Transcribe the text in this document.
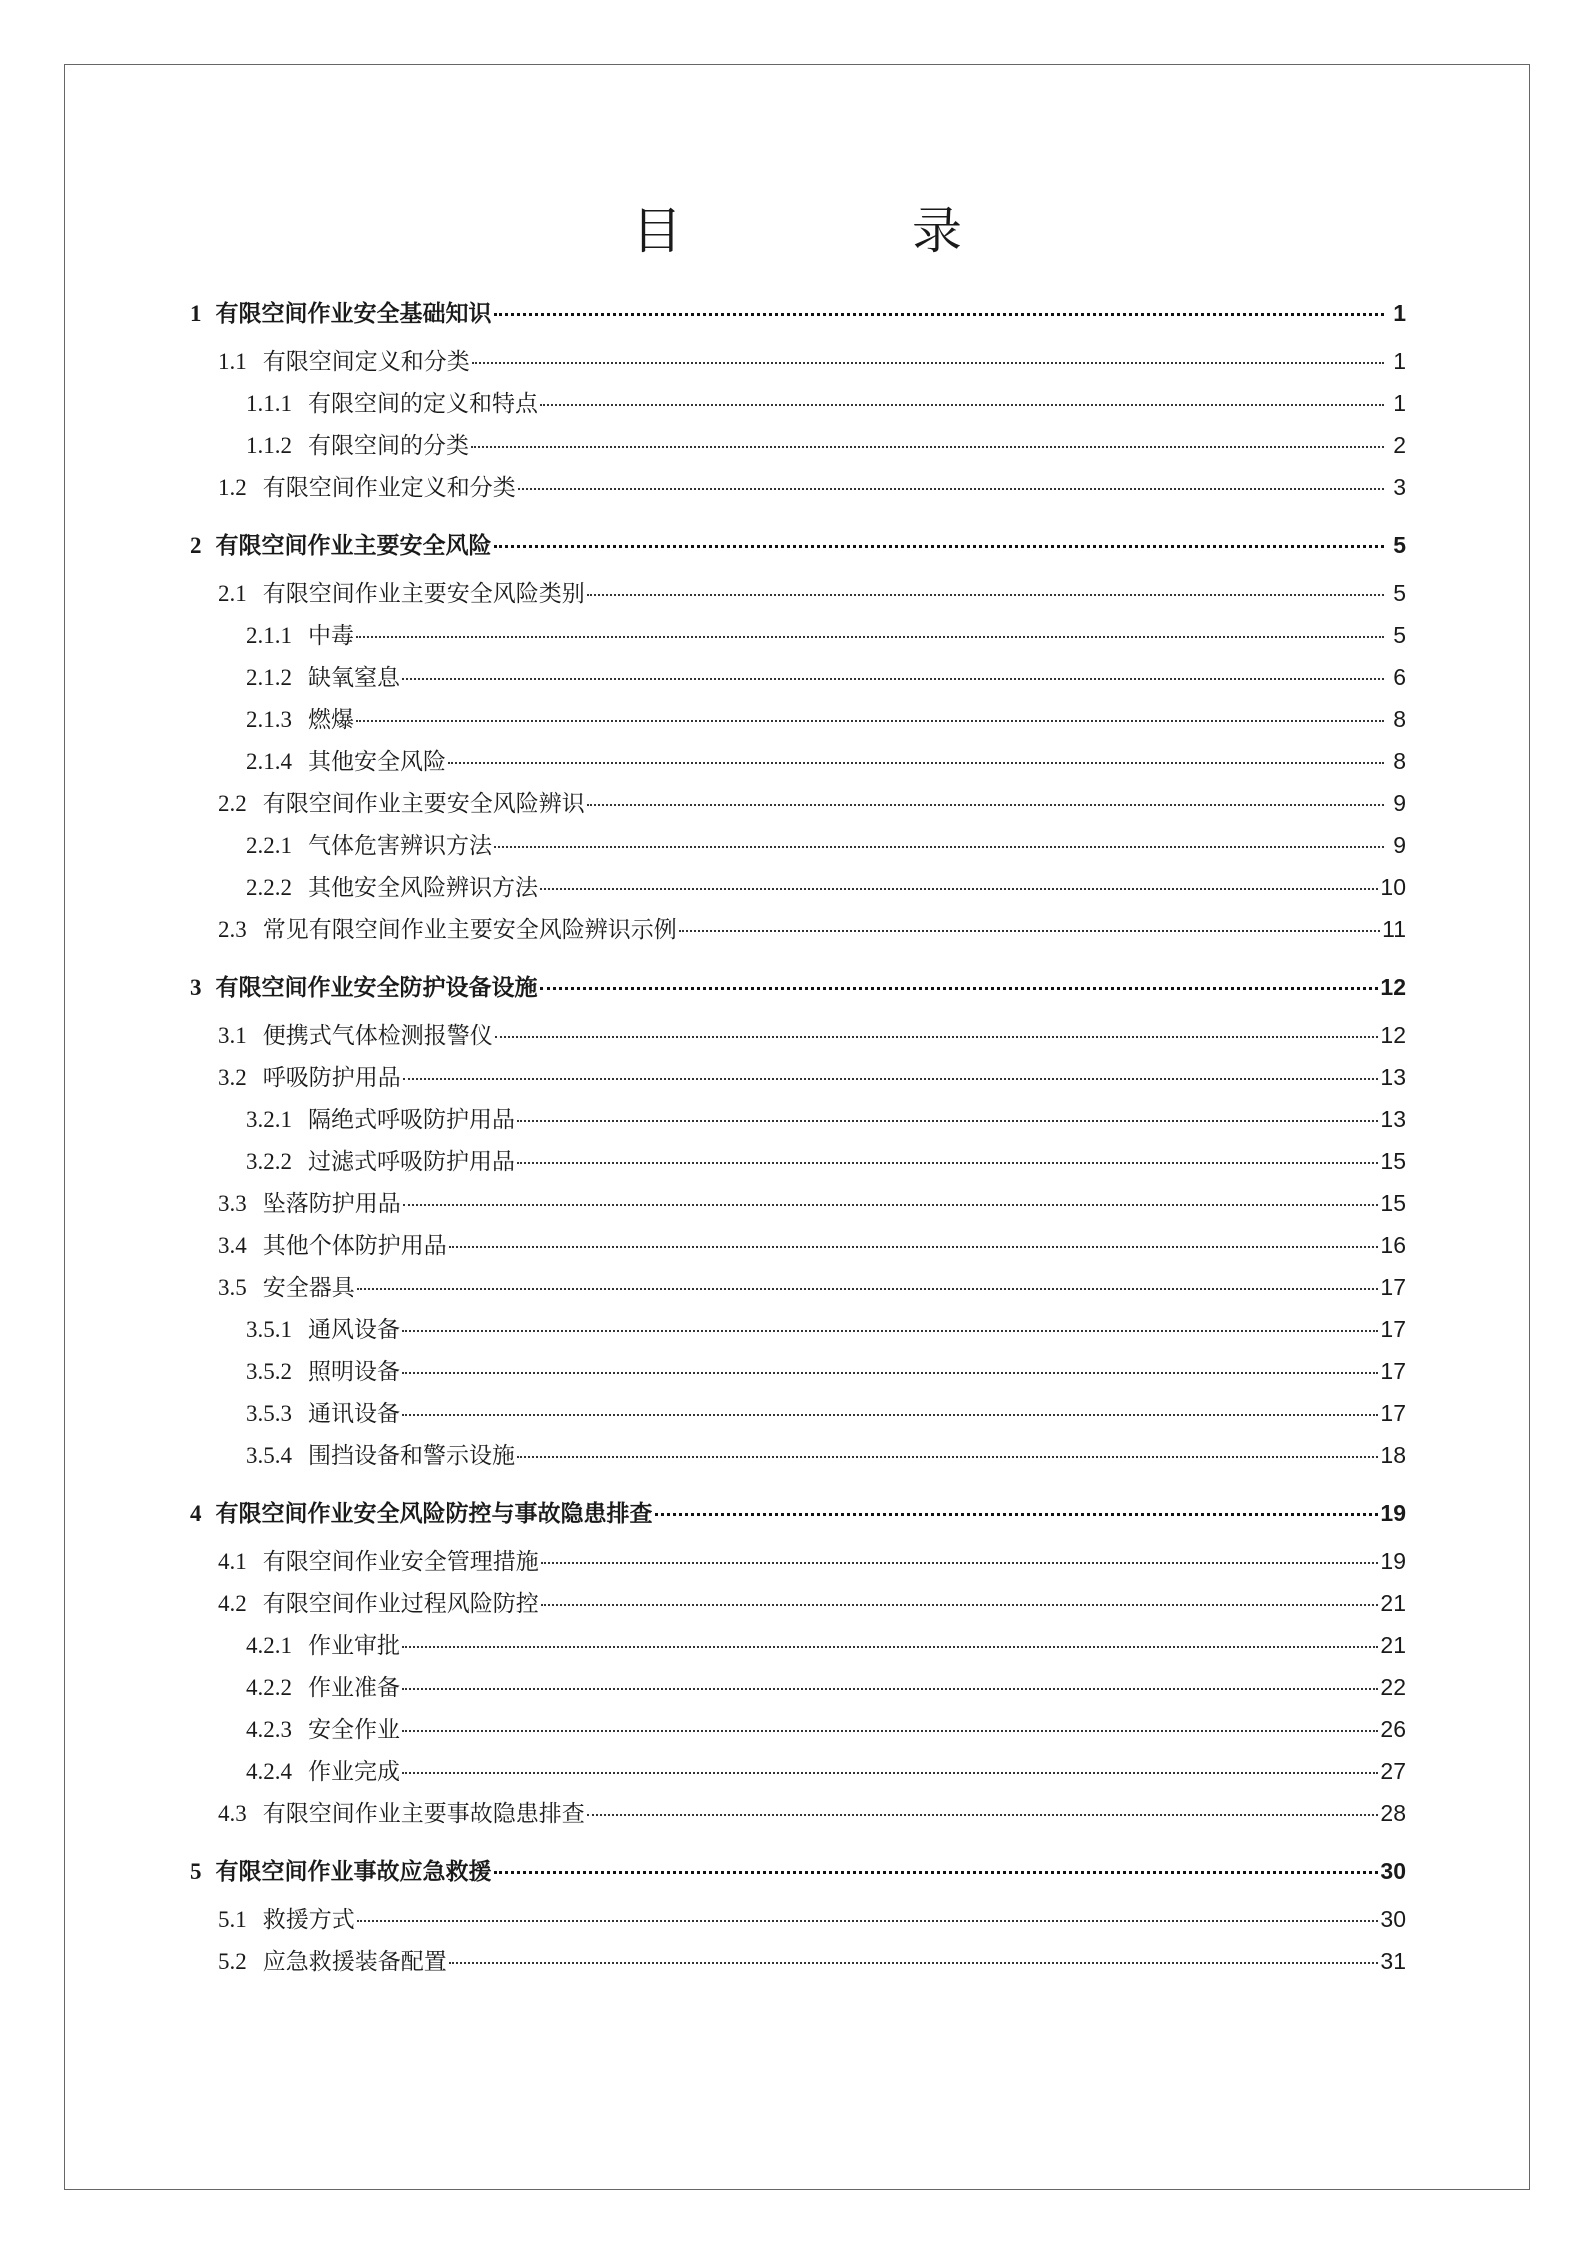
目　录
1 有限空间作业安全基础知识	1
1.1 有限空间定义和分类	1
1.1.1 有限空间的定义和特点	1
1.1.2 有限空间的分类	2
1.2 有限空间作业定义和分类	3
2 有限空间作业主要安全风险	5
2.1 有限空间作业主要安全风险类别	5
2.1.1 中毒	5
2.1.2 缺氧窒息	6
2.1.3 燃爆	8
2.1.4 其他安全风险	8
2.2 有限空间作业主要安全风险辨识	9
2.2.1 气体危害辨识方法	9
2.2.2 其他安全风险辨识方法	10
2.3 常见有限空间作业主要安全风险辨识示例	11
3 有限空间作业安全防护设备设施	12
3.1 便携式气体检测报警仪	12
3.2 呼吸防护用品	13
3.2.1 隔绝式呼吸防护用品	13
3.2.2 过滤式呼吸防护用品	15
3.3 坠落防护用品	15
3.4 其他个体防护用品	16
3.5 安全器具	17
3.5.1 通风设备	17
3.5.2 照明设备	17
3.5.3 通讯设备	17
3.5.4 围挡设备和警示设施	18
4 有限空间作业安全风险防控与事故隐患排查	19
4.1 有限空间作业安全管理措施	19
4.2 有限空间作业过程风险防控	21
4.2.1 作业审批	21
4.2.2 作业准备	22
4.2.3 安全作业	26
4.2.4 作业完成	27
4.3 有限空间作业主要事故隐患排查	28
5 有限空间作业事故应急救援	30
5.1 救援方式	30
5.2 应急救援装备配置	31
